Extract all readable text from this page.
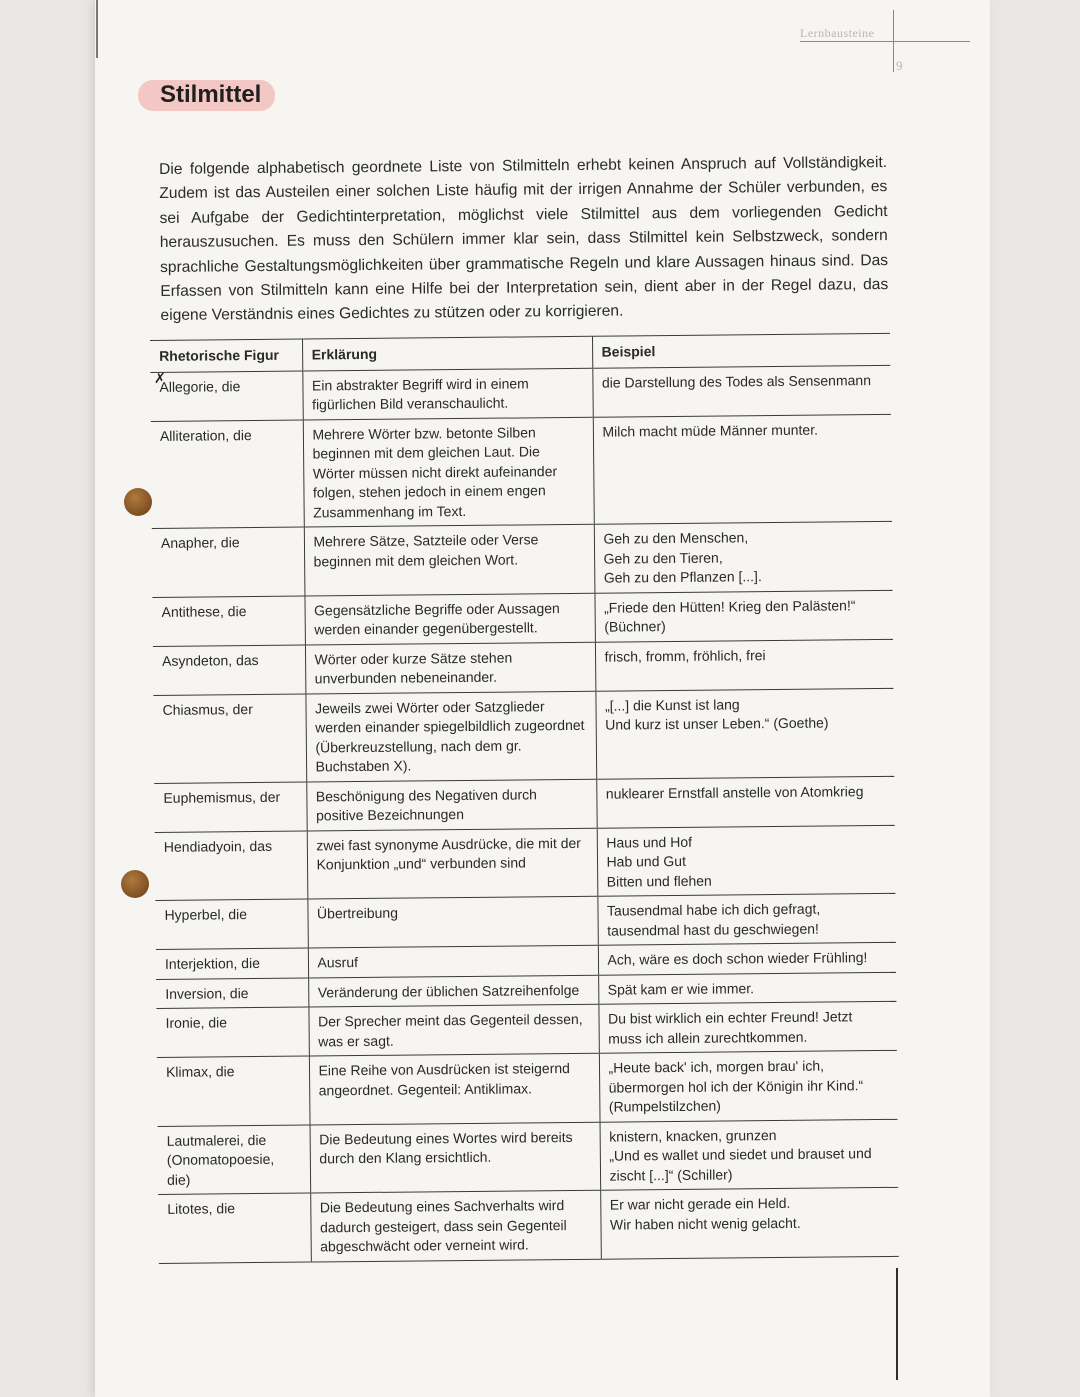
Lernbausteine
9
Stilmittel
Die folgende alphabetisch geordnete Liste von Stilmitteln erhebt keinen Anspruch auf Vollständigkeit. Zudem ist das Austeilen einer solchen Liste häufig mit der irrigen Annahme der Schüler verbunden, es sei Aufgabe der Gedichtinterpretation, möglichst viele Stilmittel aus dem vorliegenden Gedicht herauszusuchen. Es muss den Schülern immer klar sein, dass Stilmittel kein Selbstzweck, sondern sprachliche Gestaltungsmöglichkeiten über grammatische Regeln und klare Aussagen hinaus sind. Das Erfassen von Stilmitteln kann eine Hilfe bei der Interpretation sein, dient aber in der Regel dazu, das eigene Verständnis eines Gedichtes zu stützen oder zu korrigieren.
Rhetorische Figur	Erklärung	Beispiel
Allegorie, die	Ein abstrakter Begriff wird in einem figürlichen Bild veranschaulicht.	die Darstellung des Todes als Sensenmann
Alliteration, die	Mehrere Wörter bzw. betonte Silben beginnen mit dem gleichen Laut. Die Wörter müssen nicht direkt aufeinander folgen, stehen jedoch in einem engen Zusammenhang im Text.	Milch macht müde Männer munter.
Anapher, die	Mehrere Sätze, Satzteile oder Verse beginnen mit dem gleichen Wort.	Geh zu den Menschen,
Geh zu den Tieren,
Geh zu den Pflanzen [...].
Antithese, die	Gegensätzliche Begriffe oder Aussagen werden einander gegenübergestellt.	„Friede den Hütten! Krieg den Palästen!“ (Büchner)
Asyndeton, das	Wörter oder kurze Sätze stehen unverbunden nebeneinander.	frisch, fromm, fröhlich, frei
Chiasmus, der	Jeweils zwei Wörter oder Satzglieder werden einander spiegelbildlich zugeordnet (Überkreuzstellung, nach dem gr. Buchstaben X).	„[...] die Kunst ist lang
Und kurz ist unser Leben.“ (Goethe)
Euphemismus, der	Beschönigung des Negativen durch positive Bezeichnungen	nuklearer Ernstfall anstelle von Atomkrieg
Hendiadyoin, das	zwei fast synonyme Ausdrücke, die mit der Konjunktion „und“ verbunden sind	Haus und Hof
Hab und Gut
Bitten und flehen
Hyperbel, die	Übertreibung	Tausendmal habe ich dich gefragt, tausendmal hast du geschwiegen!
Interjektion, die	Ausruf	Ach, wäre es doch schon wieder Frühling!
Inversion, die	Veränderung der üblichen Satzreihenfolge	Spät kam er wie immer.
Ironie, die	Der Sprecher meint das Gegenteil dessen, was er sagt.	Du bist wirklich ein echter Freund! Jetzt muss ich allein zurechtkommen.
Klimax, die	Eine Reihe von Ausdrücken ist steigernd angeordnet. Gegenteil: Antiklimax.	„Heute back' ich, morgen brau' ich, übermorgen hol ich der Königin ihr Kind.“ (Rumpelstilzchen)
Lautmalerei, die (Onomatopoesie, die)	Die Bedeutung eines Wortes wird bereits durch den Klang ersichtlich.	knistern, knacken, grunzen
„Und es wallet und siedet und brauset und zischt [...]“ (Schiller)
Litotes, die	Die Bedeutung eines Sachverhalts wird dadurch gesteigert, dass sein Gegenteil abgeschwächt oder verneint wird.	Er war nicht gerade ein Held.
Wir haben nicht wenig gelacht.
✗
